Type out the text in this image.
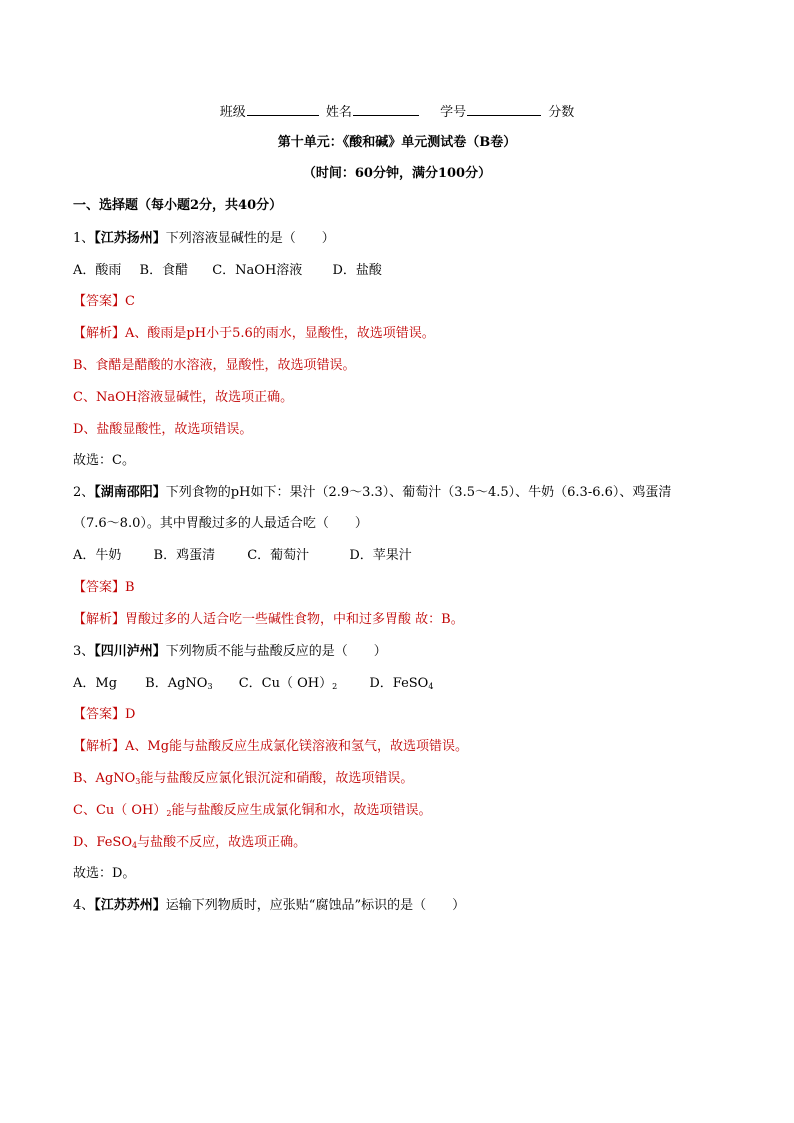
班级	姓名	学号	分数
第十单元：《酸和碱》单元测试卷（B卷）
（时间：60分钟，满分100分）
一、选择题（每小题2分，共40分）
1、【江苏扬州】下列溶液显碱性的是（　　）
A．酸雨 B．食醋 C．NaOH溶液 D．盐酸
【答案】C
【解析】A、酸雨是pH小于5.6的雨水，显酸性，故选项错误。
B、食醋是醋酸的水溶液，显酸性，故选项错误。
C、NaOH溶液显碱性，故选项正确。
D、盐酸显酸性，故选项错误。
故选：C。
2、【湖南邵阳】下列食物的pH如下：果汁（2.9～3.3）、葡萄汁（3.5～4.5）、牛奶（6.3-6.6）、鸡蛋清
（7.6～8.0）。其中胃酸过多的人最适合吃（　　）
A．牛奶 B．鸡蛋清 C．葡萄汁	D．苹果汁
【答案】B
【解析】胃酸过多的人适合吃一些碱性食物，中和过多胃酸 故：B。
3、【四川泸州】下列物质不能与盐酸反应的是（　　）
A．Mg B．AgNO$_3$ C．Cu（ $OH)_2$ D．FeSO$_4$
【答案】D
【解析】A、Mg能与盐酸反应生成氯化镁溶液和氢气，故选项错误。
B、AgNO$_3$能与盐酸反应氯化银沉淀和硝酸，故选项错误。
C、Cu（ $OH)_2$能与盐酸反应生成氯化铜和水，故选项错误。
D、FeSO$_4$与盐酸不反应，故选项正确。
故选：D。
4、【江苏苏州】运输下列物质时，应张贴“腐蚀品”标识的是（　　）
